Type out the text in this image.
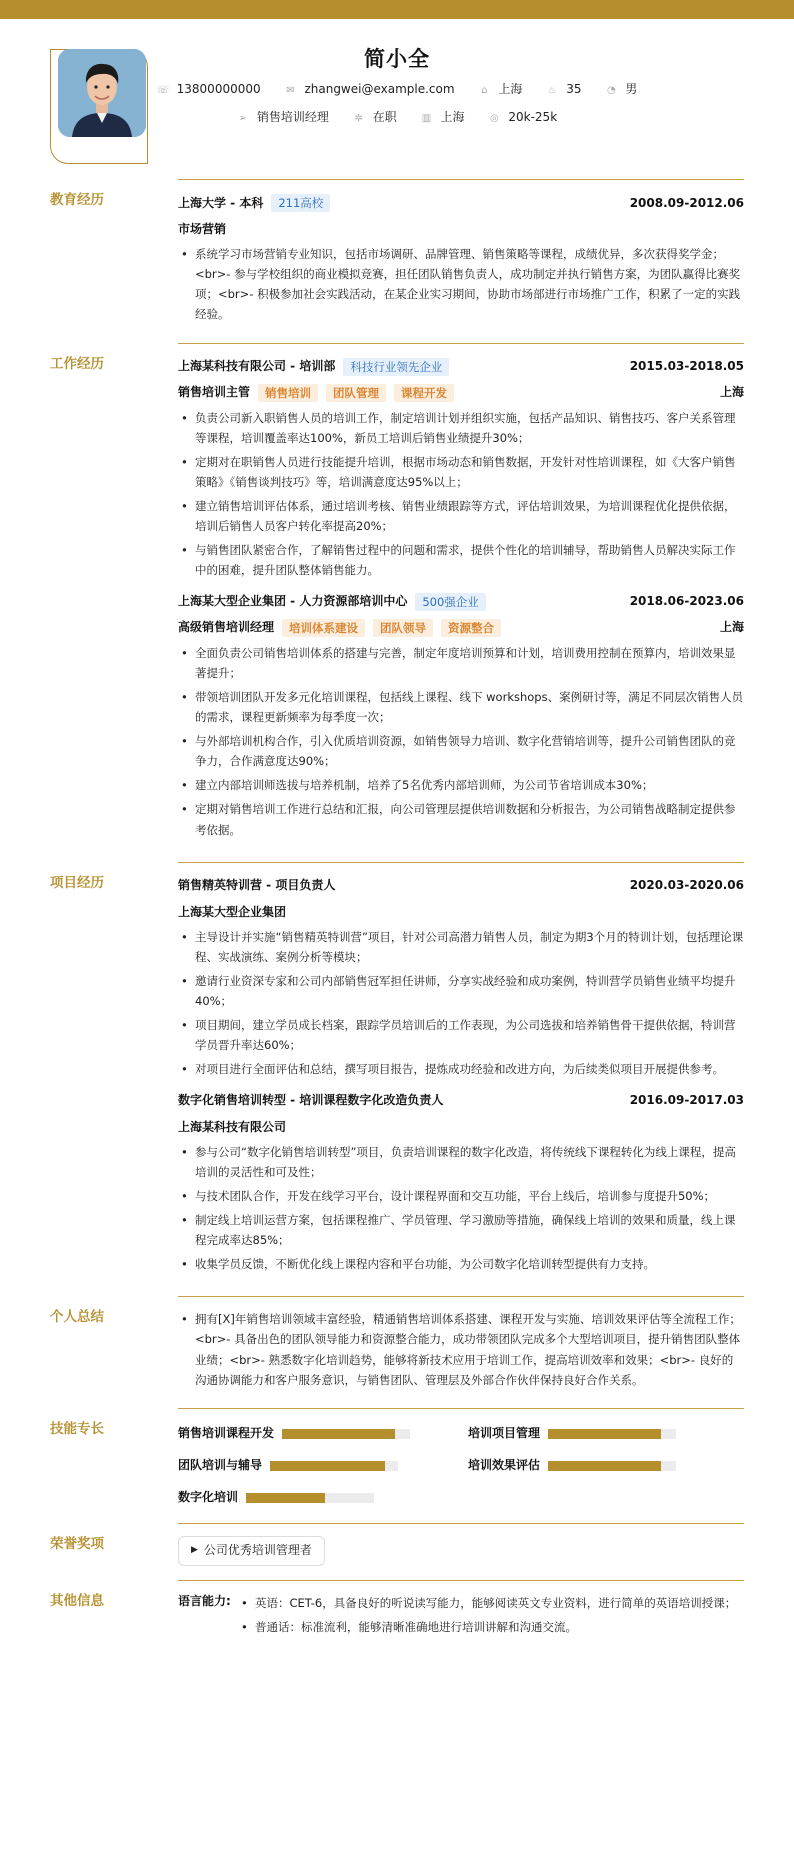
简小全
☏ 13800000000	✉ zhangwei@example.com	⌂ 上海	♨ 35	◔ 男
➢ 销售培训经理	✲ 在职	▥ 上海	◎ 20k-25k
教育经历	上海大学 - 本科	211高校	2008.09-2012.06
市场营销
• 系统学习市场营销专业知识，包括市场调研、品牌管理、销售策略等课程，成绩优异，多次获得奖学金；<br>- 参与学校组织的商业模拟竞赛，担任团队销售负责人，成功制定并执行销售方案，为团队赢得比赛奖项；<br>- 积极参加社会实践活动，在某企业实习期间，协助市场部进行市场推广工作，积累了一定的实践经验。
工作经历	上海某科技有限公司 - 培训部	科技行业领先企业	2015.03-2018.05
销售培训主管	销售培训	团队管理	课程开发	上海
• 负责公司新入职销售人员的培训工作，制定培训计划并组织实施，包括产品知识、销售技巧、客户关系管理等课程，培训覆盖率达100%，新员工培训后销售业绩提升30%；
• 定期对在职销售人员进行技能提升培训，根据市场动态和销售数据，开发针对性培训课程，如《大客户销售策略》《销售谈判技巧》等，培训满意度达95%以上；
• 建立销售培训评估体系，通过培训考核、销售业绩跟踪等方式，评估培训效果，为培训课程优化提供依据，培训后销售人员客户转化率提高20%；
• 与销售团队紧密合作，了解销售过程中的问题和需求，提供个性化的培训辅导，帮助销售人员解决实际工作中的困难，提升团队整体销售能力。
上海某大型企业集团 - 人力资源部培训中心	500强企业	2018.06-2023.06
高级销售培训经理	培训体系建设	团队领导	资源整合	上海
• 全面负责公司销售培训体系的搭建与完善，制定年度培训预算和计划，培训费用控制在预算内，培训效果显著提升；
• 带领培训团队开发多元化培训课程，包括线上课程、线下 workshops、案例研讨等，满足不同层次销售人员的需求，课程更新频率为每季度一次；
• 与外部培训机构合作，引入优质培训资源，如销售领导力培训、数字化营销培训等，提升公司销售团队的竞争力，合作满意度达90%；
• 建立内部培训师选拔与培养机制，培养了5名优秀内部培训师，为公司节省培训成本30%；
• 定期对销售培训工作进行总结和汇报，向公司管理层提供培训数据和分析报告，为公司销售战略制定提供参考依据。
项目经历	销售精英特训营 - 项目负责人	2020.03-2020.06
上海某大型企业集团
• 主导设计并实施“销售精英特训营”项目，针对公司高潜力销售人员，制定为期3个月的特训计划，包括理论课程、实战演练、案例分析等模块；
• 邀请行业资深专家和公司内部销售冠军担任讲师，分享实战经验和成功案例，特训营学员销售业绩平均提升40%；
• 项目期间，建立学员成长档案，跟踪学员培训后的工作表现，为公司选拔和培养销售骨干提供依据，特训营学员晋升率达60%；
• 对项目进行全面评估和总结，撰写项目报告，提炼成功经验和改进方向，为后续类似项目开展提供参考。
数字化销售培训转型 - 培训课程数字化改造负责人	2016.09-2017.03
上海某科技有限公司
• 参与公司“数字化销售培训转型”项目，负责培训课程的数字化改造，将传统线下课程转化为线上课程，提高培训的灵活性和可及性；
• 与技术团队合作，开发在线学习平台，设计课程界面和交互功能，平台上线后，培训参与度提升50%；
• 制定线上培训运营方案，包括课程推广、学员管理、学习激励等措施，确保线上培训的效果和质量，线上课程完成率达85%；
• 收集学员反馈，不断优化线上课程内容和平台功能，为公司数字化培训转型提供有力支持。
个人总结	• 拥有[X]年销售培训领域丰富经验，精通销售培训体系搭建、课程开发与实施、培训效果评估等全流程工作；<br>- 具备出色的团队领导能力和资源整合能力，成功带领团队完成多个大型培训项目，提升销售团队整体业绩；<br>- 熟悉数字化培训趋势，能够将新技术应用于培训工作，提高培训效率和效果；<br>- 良好的沟通协调能力和客户服务意识，与销售团队、管理层及外部合作伙伴保持良好合作关系。
技能专长	销售培训课程开发	培训项目管理
团队培训与辅导	培训效果评估
数字化培训
荣誉奖项	▶ 公司优秀培训管理者
其他信息	语言能力:	• 英语：CET-6，具备良好的听说读写能力，能够阅读英文专业资料，进行简单的英语培训授课；
• 普通话：标准流利，能够清晰准确地进行培训讲解和沟通交流。
